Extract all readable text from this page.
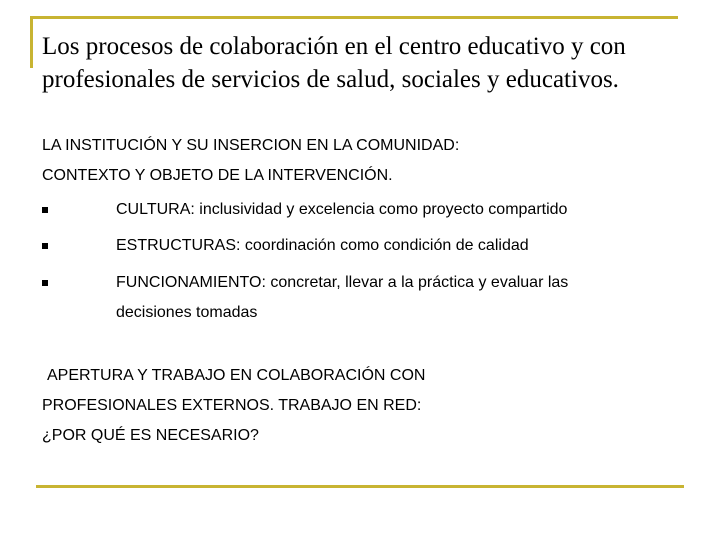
Los procesos de colaboración en el centro educativo y con profesionales de servicios de salud, sociales y educativos.
LA INSTITUCIÓN Y SU INSERCION EN LA COMUNIDAD:
CONTEXTO Y OBJETO DE LA INTERVENCIÓN.
CULTURA: inclusividad y excelencia como proyecto compartido
ESTRUCTURAS: coordinación como condición de calidad
FUNCIONAMIENTO: concretar, llevar a la práctica y evaluar las
decisiones tomadas
APERTURA Y TRABAJO EN COLABORACIÓN CON
PROFESIONALES EXTERNOS. TRABAJO EN RED:
¿POR QUÉ ES NECESARIO?
